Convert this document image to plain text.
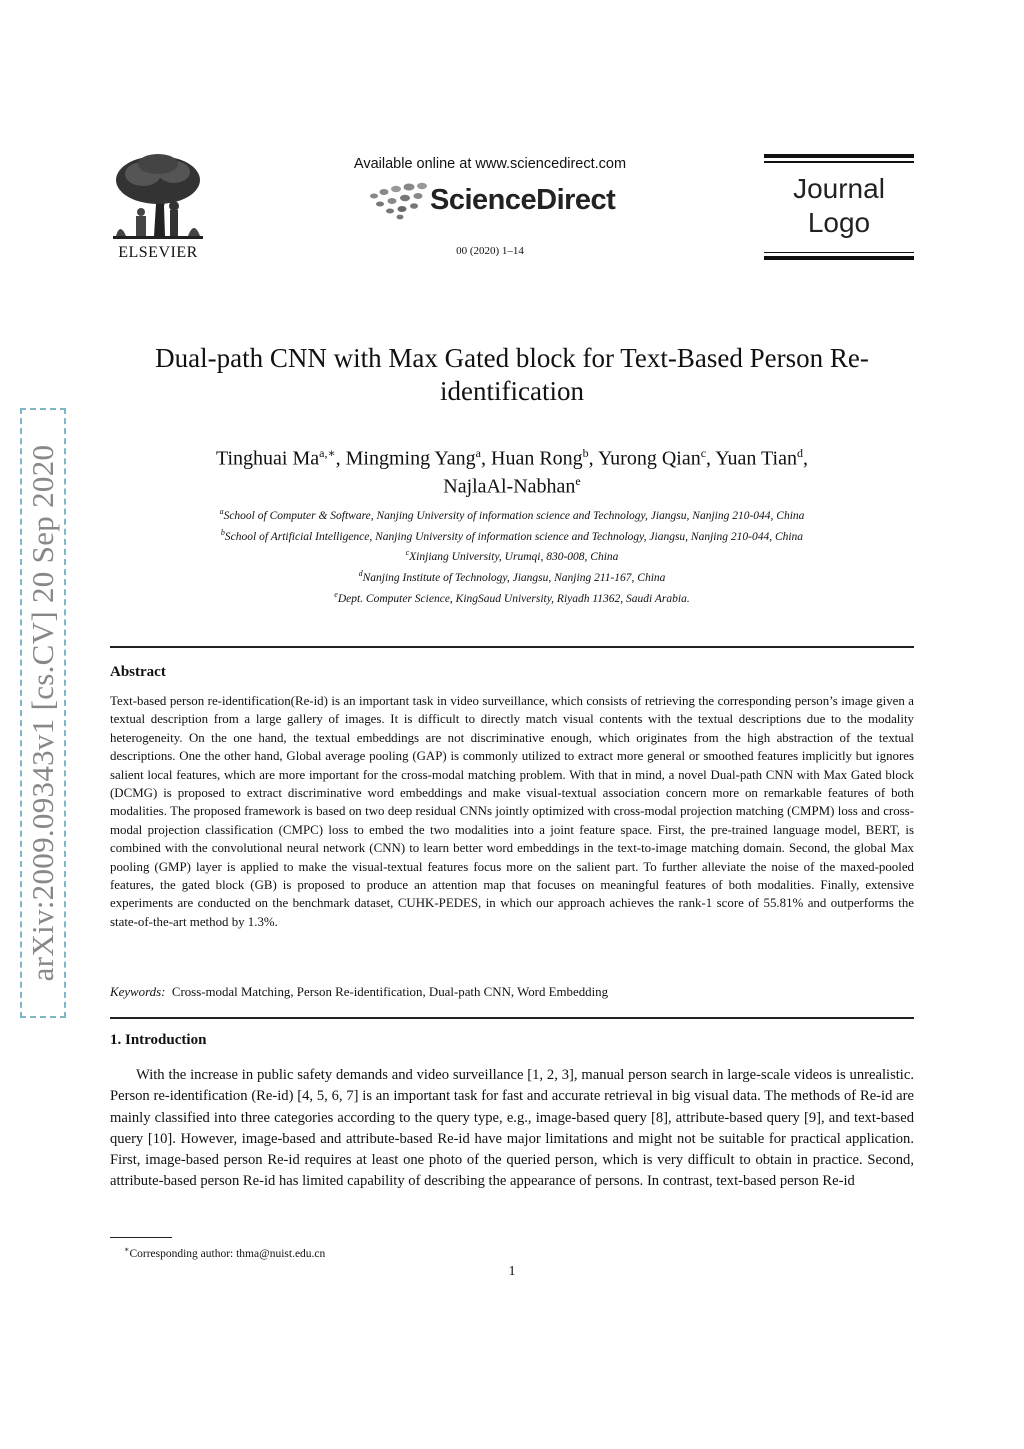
arXiv:2009.09343v1 [cs.CV] 20 Sep 2020
ELSEVIER
Available online at www.sciencedirect.com
ScienceDirect
00 (2020) 1–14
Journal
Logo
Dual-path CNN with Max Gated block for Text-Based Person Re-identification
Tinghuai $Ma^{a,∗}$, Mingming Yang$^a$, Huan Rong$^b$, Yurong Qian$^c$, Yuan Tian$^d$,
NajlaAl-Nabhan$^e$
$^a$School of Computer & Software, Nanjing University of information science and Technology, Jiangsu, Nanjing 210-044, China
$^b$School of Artificial Intelligence, Nanjing University of information science and Technology, Jiangsu, Nanjing 210-044, China
$^c$Xinjiang University, Urumqi, 830-008, China
$^d$Nanjing Institute of Technology, Jiangsu, Nanjing 211-167, China
$^e$Dept. Computer Science, KingSaud University, Riyadh 11362, Saudi Arabia.
Abstract
Text-based person re-identification(Re-id) is an important task in video surveillance, which consists of retrieving the corresponding person’s image given a textual description from a large gallery of images. It is difficult to directly match visual contents with the textual descriptions due to the modality heterogeneity. On the one hand, the textual embeddings are not discriminative enough, which originates from the high abstraction of the textual descriptions. One the other hand, Global average pooling (GAP) is commonly utilized to extract more general or smoothed features implicitly but ignores salient local features, which are more important for the cross-modal matching problem. With that in mind, a novel Dual-path CNN with Max Gated block (DCMG) is proposed to extract discriminative word embeddings and make visual-textual association concern more on remarkable features of both modalities. The proposed framework is based on two deep residual CNNs jointly optimized with cross-modal projection matching (CMPM) loss and cross-modal projection classification (CMPC) loss to embed the two modalities into a joint feature space. First, the pre-trained language model, BERT, is combined with the convolutional neural network (CNN) to learn better word embeddings in the text-to-image matching domain. Second, the global Max pooling (GMP) layer is applied to make the visual-textual features focus more on the salient part. To further alleviate the noise of the maxed-pooled features, the gated block (GB) is proposed to produce an attention map that focuses on meaningful features of both modalities. Finally, extensive experiments are conducted on the benchmark dataset, CUHK-PEDES, in which our approach achieves the rank-1 score of 55.81% and outperforms the state-of-the-art method by 1.3%.
Keywords: Cross-modal Matching, Person Re-identification, Dual-path CNN, Word Embedding
1. Introduction
With the increase in public safety demands and video surveillance [1, 2, 3], manual person search in large-scale videos is unrealistic. Person re-identification (Re-id) [4, 5, 6, 7] is an important task for fast and accurate retrieval in big visual data. The methods of Re-id are mainly classified into three categories according to the query type, e.g., image-based query [8], attribute-based query [9], and text-based query [10]. However, image-based and attribute-based Re-id have major limitations and might not be suitable for practical application. First, image-based person Re-id requires at least one photo of the queried person, which is very difficult to obtain in practice. Second, attribute-based person Re-id has limited capability of describing the appearance of persons. In contrast, text-based person Re-id
∗Corresponding author: thma@nuist.edu.cn
1
